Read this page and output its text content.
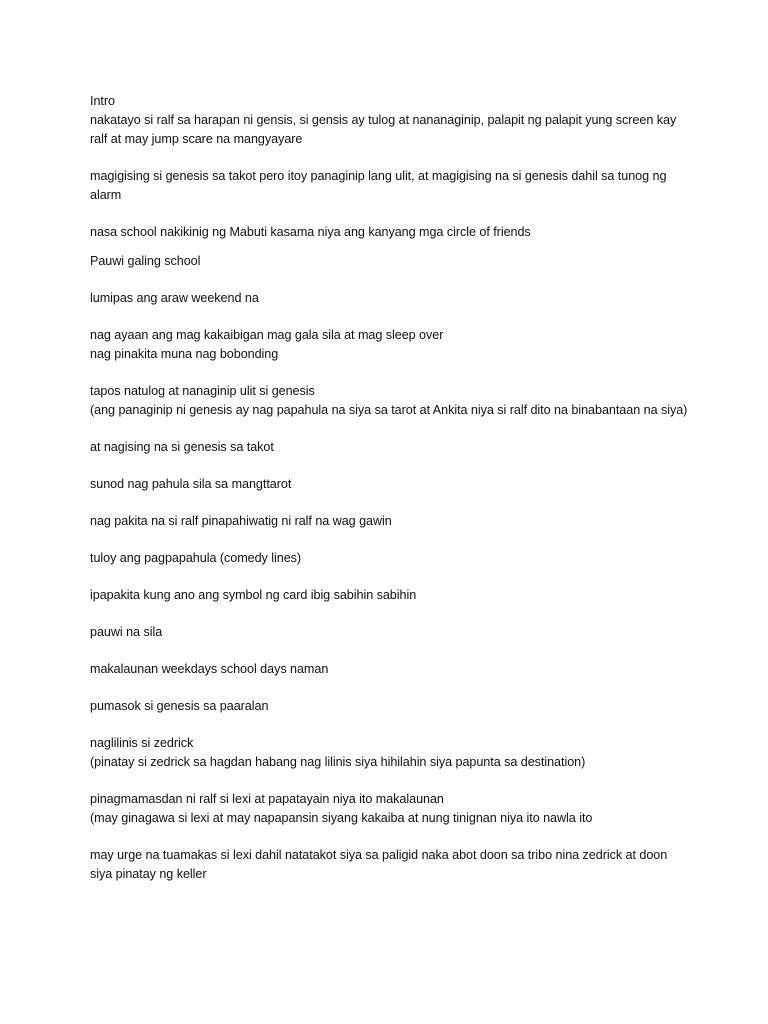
Intro
nakatayo si ralf sa harapan ni gensis, si gensis ay tulog at nananaginip, palapit ng palapit yung screen kay ralf at may jump scare na mangyayare
magigising si genesis sa takot pero itoy panaginip lang ulit, at magigising na si genesis dahil sa tunog ng alarm
nasa school nakikinig ng Mabuti kasama niya ang kanyang mga circle of friends
Pauwi galing school
lumipas ang araw weekend na
nag ayaan ang mag kakaibigan mag gala sila at mag sleep over
nag pinakita muna nag bobonding
tapos natulog at nanaginip ulit si genesis
(ang panaginip ni genesis ay nag papahula na siya sa tarot at Ankita niya si ralf dito na binabantaan na siya)
at nagising na si genesis sa takot
sunod nag pahula sila sa mangttarot
nag pakita na si ralf pinapahiwatig ni ralf na wag gawin
tuloy ang pagpapahula (comedy lines)
ipapakita kung ano ang symbol ng card ibig sabihin sabihin
pauwi na sila
makalaunan weekdays school days naman
pumasok si genesis sa paaralan
naglilinis si zedrick
(pinatay si zedrick sa hagdan habang nag lilinis siya hihilahin siya papunta sa destination)
pinagmamasdan ni ralf si lexi at papatayain niya ito makalaunan
(may ginagawa si lexi at may napapansin siyang kakaiba at nung tinignan niya ito nawla ito
may urge na tuamakas si lexi dahil natatakot siya sa paligid naka abot doon sa tribo nina zedrick at doon siya pinatay ng keller
